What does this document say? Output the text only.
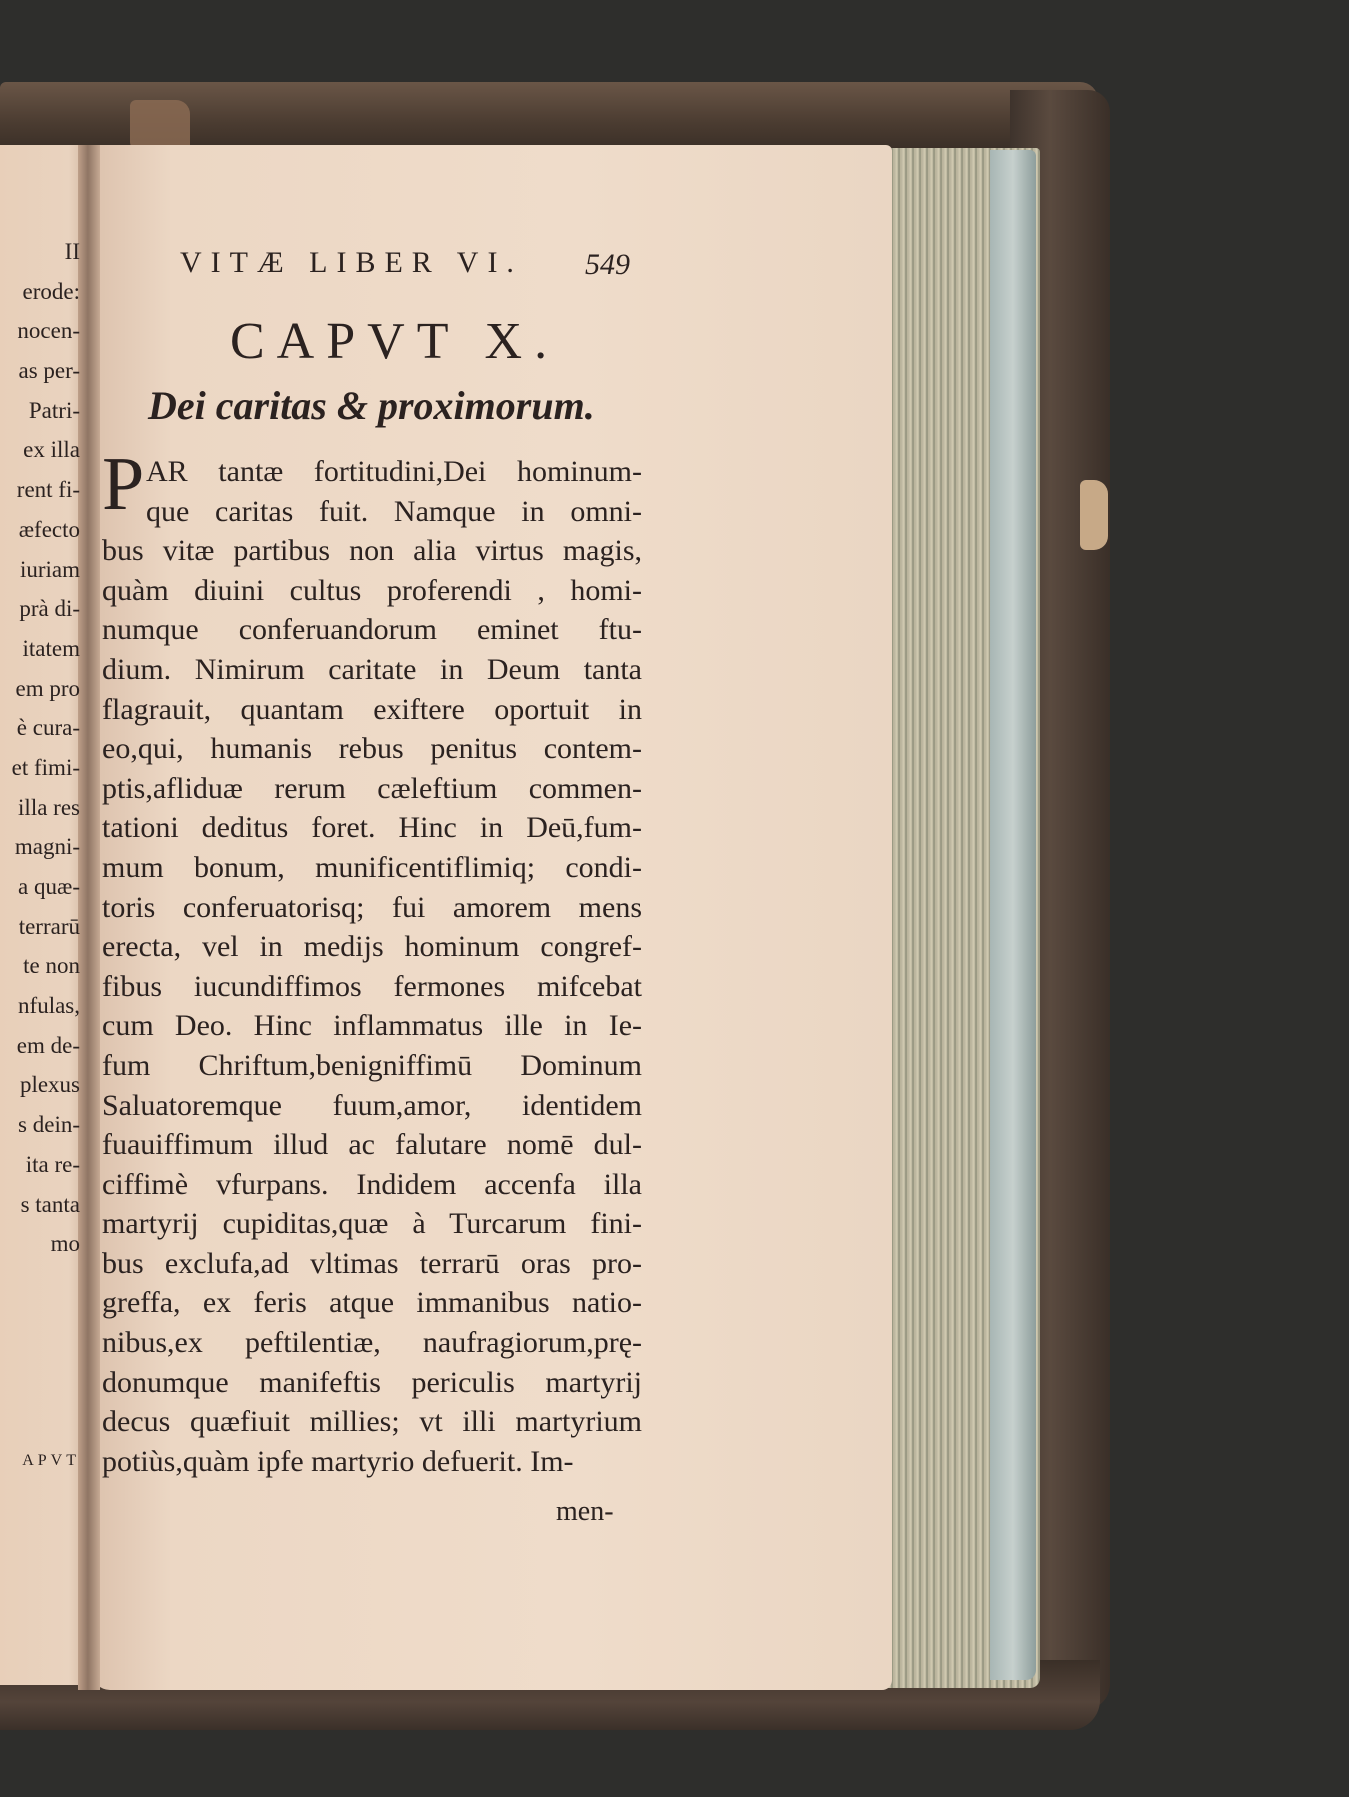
II
erode:
nocen-
as per-
Patri-
ex illa
rent fi-
æfecto
iuriam
prà di-
itatem
em pro
è cura-
et fimi-
illa res
magni-
a quæ-
terrarū
te non
nfulas,
em de-
plexus
s dein-
ita re-
s tanta
mo
APVT
VITÆ LIBER VI. 549
CAPVT X.
Dei caritas & proximorum.
P AR tantæ fortitudini,Dei hominum-
que caritas fuit. Namque in omni-
bus vitæ partibus non alia virtus magis,
quàm diuini cultus proferendi , homi-
numque conferuandorum eminet ftu-
dium. Nimirum caritate in Deum tanta
flagrauit, quantam exiftere oportuit in
eo,qui, humanis rebus penitus contem-
ptis,afliduæ rerum cæleftium commen-
tationi deditus foret. Hinc in Deū,fum-
mum bonum, munificentiflimiq; condi-
toris conferuatorisq; fui amorem mens
erecta, vel in medijs hominum congref-
fibus iucundiffimos fermones mifcebat
cum Deo. Hinc inflammatus ille in Ie-
fum Chriftum,benigniffimū Dominum
Saluatoremque fuum,amor, identidem
fuauiffimum illud ac falutare nomē dul-
ciffimè vfurpans. Indidem accenfa illa
martyrij cupiditas,quæ à Turcarum fini-
bus exclufa,ad vltimas terrarū oras pro-
greffa, ex feris atque immanibus natio-
nibus,ex peftilentiæ, naufragiorum,prę-
donumque manifeftis periculis martyrij
decus quæfiuit millies; vt illi martyrium
potiùs,quàm ipfe martyrio defuerit. Im-
men-
